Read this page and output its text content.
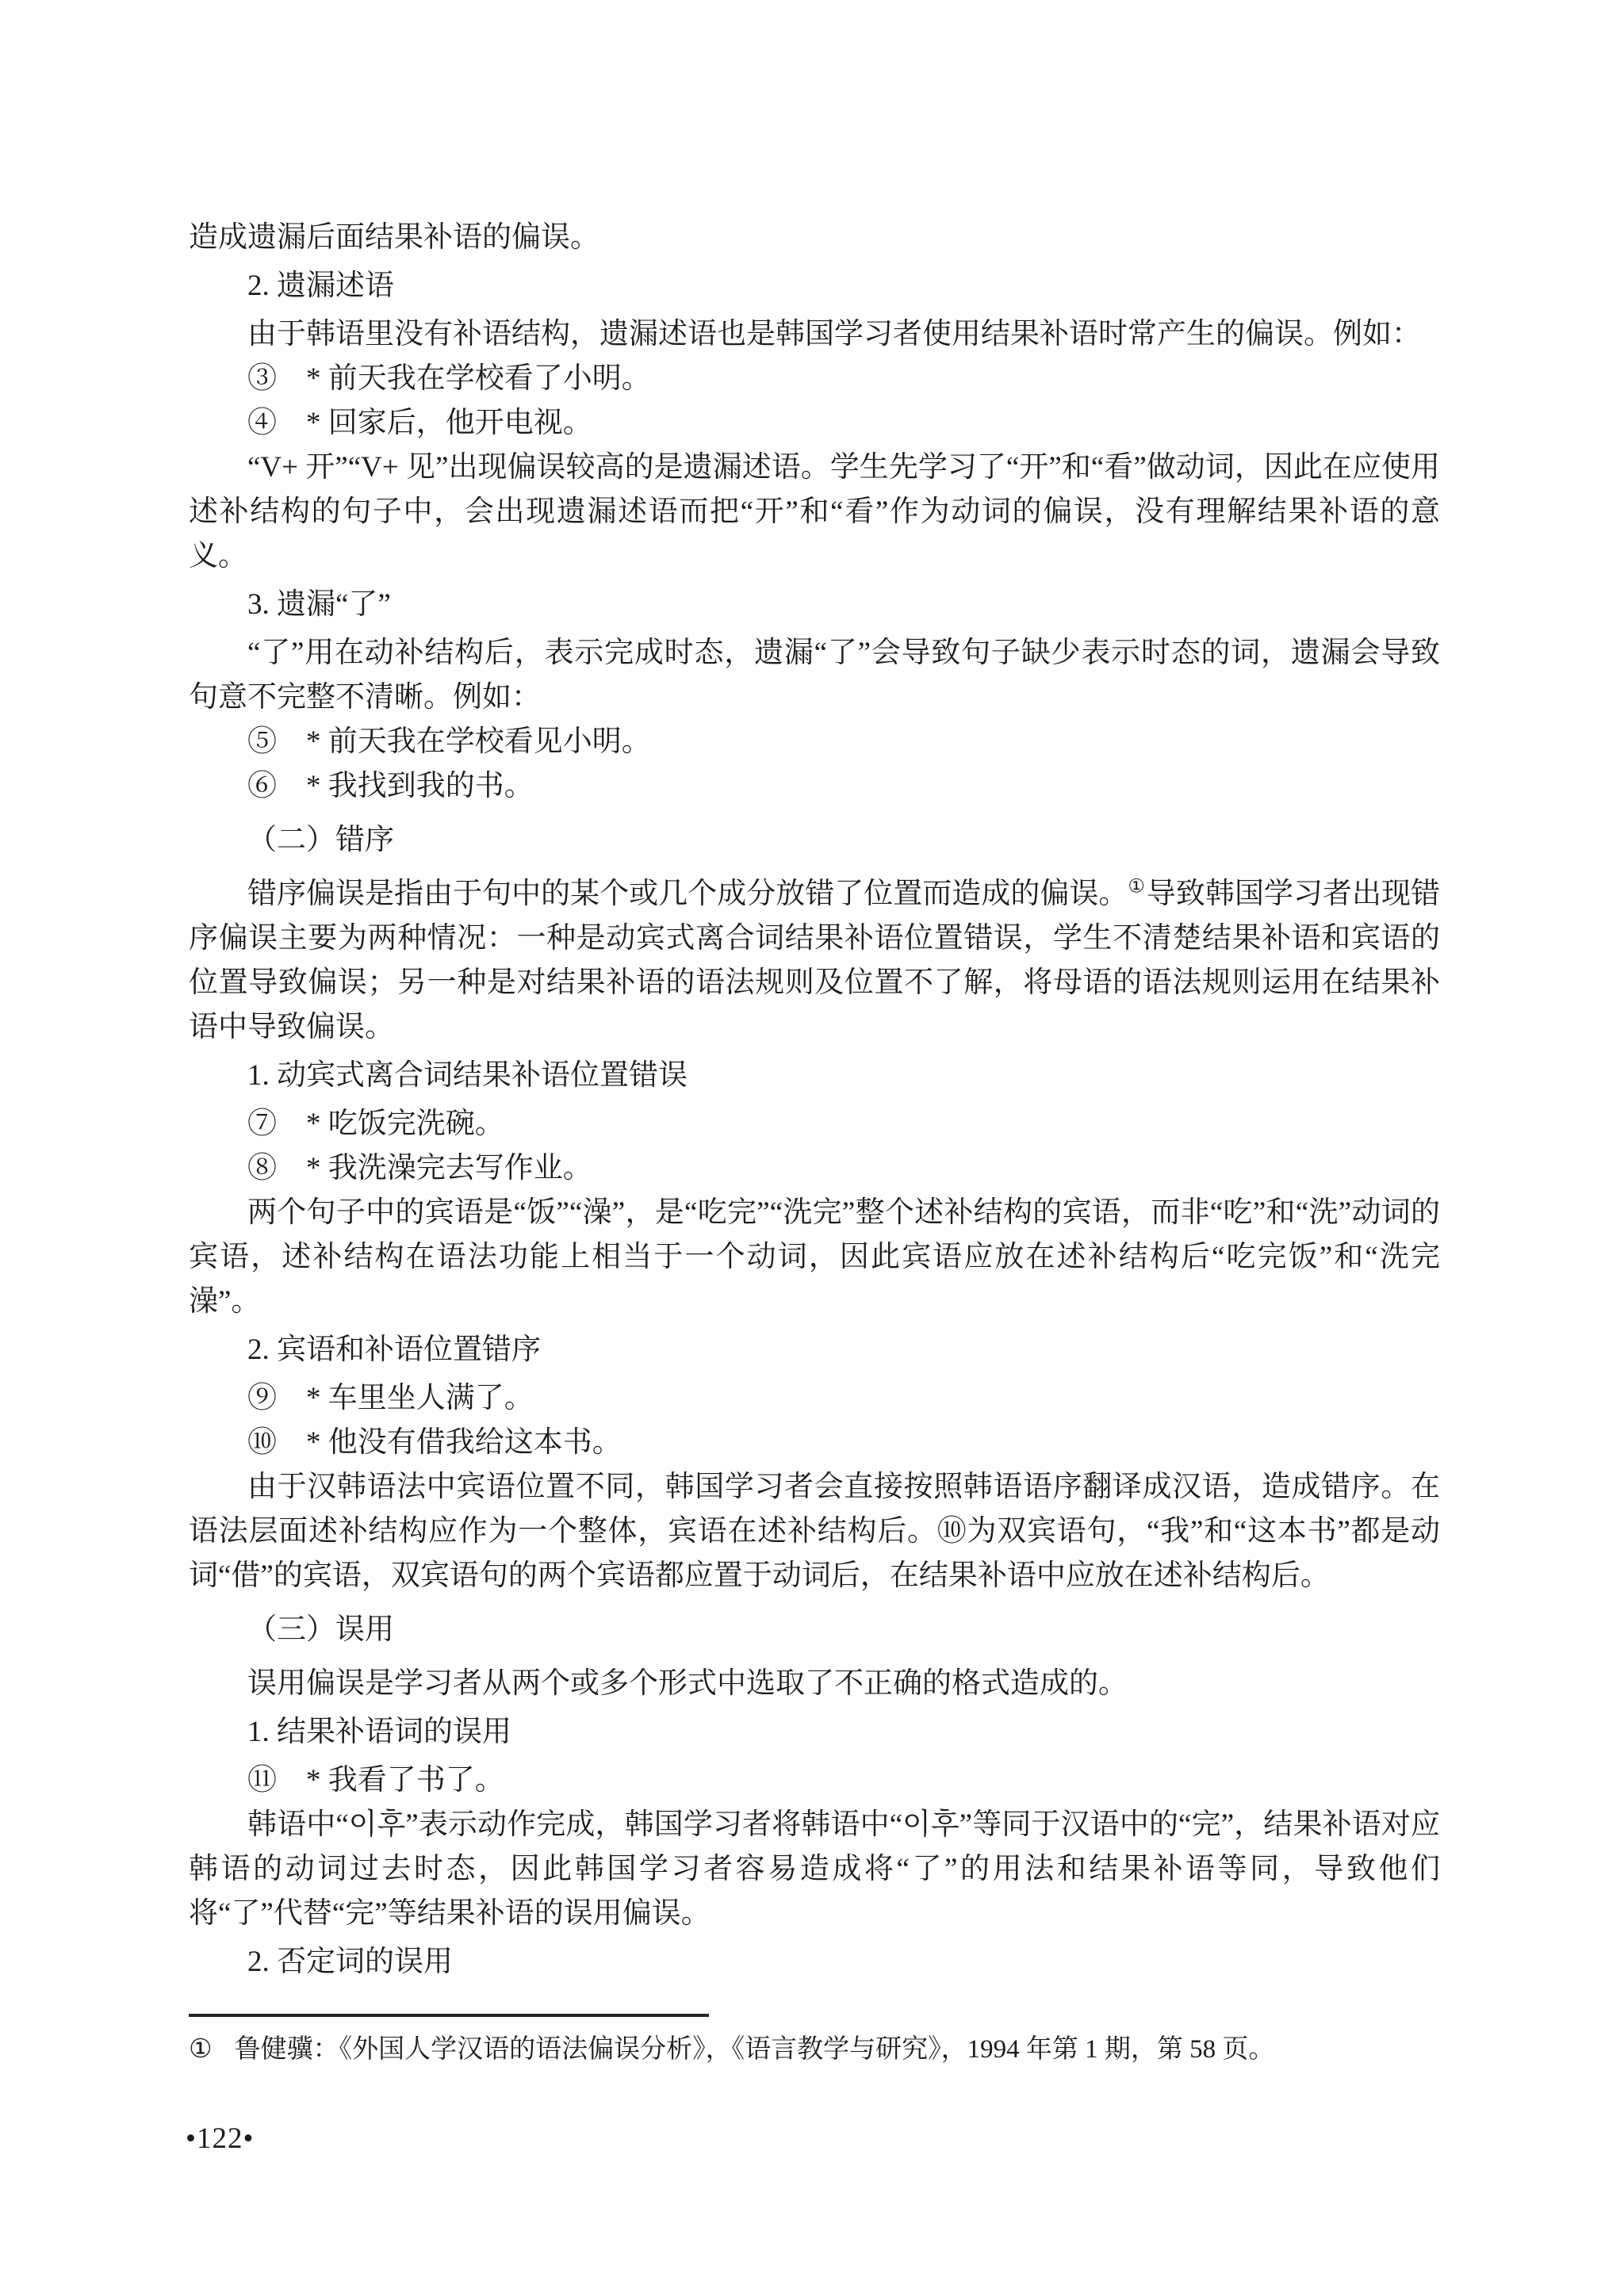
造成遗漏后面结果补语的偏误。

2. 遗漏述语

由于韩语里没有补语结构，遗漏述语也是韩国学习者使用结果补语时常产生的偏误。例如：

③　* 前天我在学校看了小明。

④　* 回家后，他开电视。

“V+ 开”“V+ 见”出现偏误较高的是遗漏述语。学生先学习了“开”和“看”做动词，因此在应使用述补结构的句子中，会出现遗漏述语而把“开”和“看”作为动词的偏误，没有理解结果补语的意义。

3. 遗漏“了”

“了”用在动补结构后，表示完成时态，遗漏“了”会导致句子缺少表示时态的词，遗漏会导致句意不完整不清晰。例如：

⑤　* 前天我在学校看见小明。

⑥　* 我找到我的书。

（二）错序

错序偏误是指由于句中的某个或几个成分放错了位置而造成的偏误。①导致韩国学习者出现错序偏误主要为两种情况：一种是动宾式离合词结果补语位置错误，学生不清楚结果补语和宾语的位置导致偏误；另一种是对结果补语的语法规则及位置不了解，将母语的语法规则运用在结果补语中导致偏误。

1. 动宾式离合词结果补语位置错误

⑦　* 吃饭完洗碗。

⑧　* 我洗澡完去写作业。

两个句子中的宾语是“饭”“澡”，是“吃完”“洗完”整个述补结构的宾语，而非“吃”和“洗”动词的宾语，述补结构在语法功能上相当于一个动词，因此宾语应放在述补结构后“吃完饭”和“洗完澡”。

2. 宾语和补语位置错序

⑨　* 车里坐人满了。

⑩　* 他没有借我给这本书。

由于汉韩语法中宾语位置不同，韩国学习者会直接按照韩语语序翻译成汉语，造成错序。在语法层面述补结构应作为一个整体，宾语在述补结构后。⑩为双宾语句，“我”和“这本书”都是动词“借”的宾语，双宾语句的两个宾语都应置于动词后，在结果补语中应放在述补结构后。

（三）误用

误用偏误是学习者从两个或多个形式中选取了不正确的格式造成的。

1. 结果补语词的误用

⑪　* 我看了书了。

韩语中“이후”表示动作完成，韩国学习者将韩语中“이후”等同于汉语中的“完”，结果补语对应韩语的动词过去时态，因此韩国学习者容易造成将“了”的用法和结果补语等同，导致他们将“了”代替“完”等结果补语的误用偏误。

2. 否定词的误用

① 鲁健骥：《外国人学汉语的语法偏误分析》，《语言教学与研究》，1994 年第 1 期，第 58 页。
•122•
